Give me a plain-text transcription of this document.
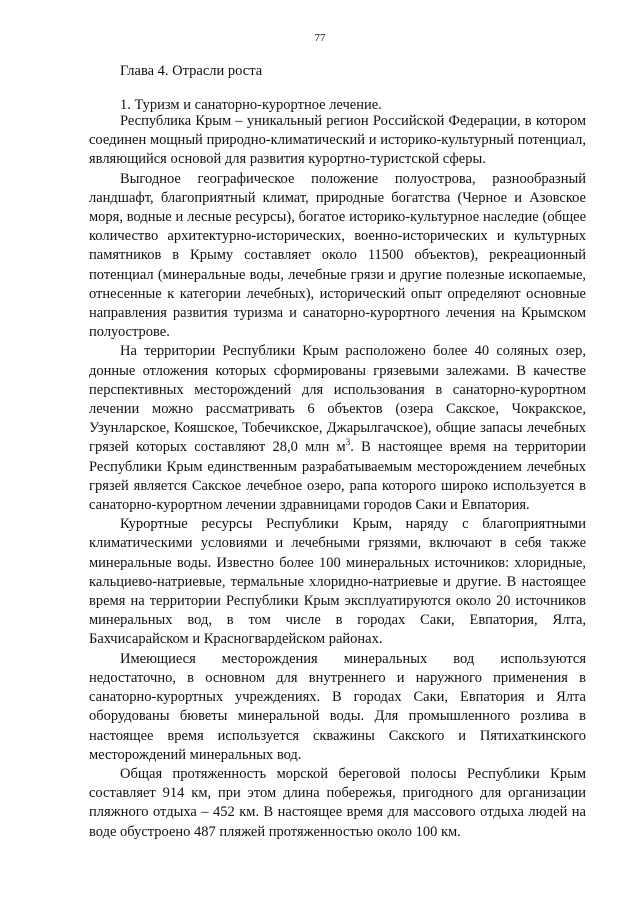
77
Глава 4. Отрасли роста
1. Туризм и санаторно-курортное лечение.

Республика Крым – уникальный регион Российской Федерации, в котором соединен мощный природно-климатический и историко-культурный потенциал, являющийся основой для развития курортно-туристской сферы.

Выгодное географическое положение полуострова, разнообразный ландшафт, благоприятный климат, природные богатства (Черное и Азовское моря, водные и лесные ресурсы), богатое историко-культурное наследие (общее количество архитектурно-исторических, военно-исторических и культурных памятников в Крыму составляет около 11500 объектов), рекреационный потенциал (минеральные воды, лечебные грязи и другие полезные ископаемые, отнесенные к категории лечебных), исторический опыт определяют основные направления развития туризма и санаторно-курортного лечения на Крымском полуострове.

На территории Республики Крым расположено более 40 соляных озер, донные отложения которых сформированы грязевыми залежами. В качестве перспективных месторождений для использования в санаторно-курортном лечении можно рассматривать 6 объектов (озера Сакское, Чокракское, Узунларское, Кояшское, Тобечикское, Джарылгачское), общие запасы лечебных грязей которых составляют 28,0 млн $м^3$. В настоящее время на территории Республики Крым единственным разрабатываемым месторождением лечебных грязей является Сакское лечебное озеро, рапа которого широко используется в санаторно-курортном лечении здравницами городов Саки и Евпатория.

Курортные ресурсы Республики Крым, наряду с благоприятными климатическими условиями и лечебными грязями, включают в себя также минеральные воды. Известно более 100 минеральных источников: хлоридные, кальциево-натриевые, термальные хлоридно-натриевые и другие. В настоящее время на территории Республики Крым эксплуатируются около 20 источников минеральных вод, в том числе в городах Саки, Евпатория, Ялта, Бахчисарайском и Красногвардейском районах.

Имеющиеся месторождения минеральных вод используются недостаточно, в основном для внутреннего и наружного применения в санаторно-курортных учреждениях. В городах Саки, Евпатория и Ялта оборудованы бюветы минеральной воды. Для промышленного розлива в настоящее время используется скважины Сакского и Пятихаткинского месторождений минеральных вод.

Общая протяженность морской береговой полосы Республики Крым составляет 914 км, при этом длина побережья, пригодного для организации пляжного отдыха – 452 км. В настоящее время для массового отдыха людей на воде обустроено 487 пляжей протяженностью около 100 км.
